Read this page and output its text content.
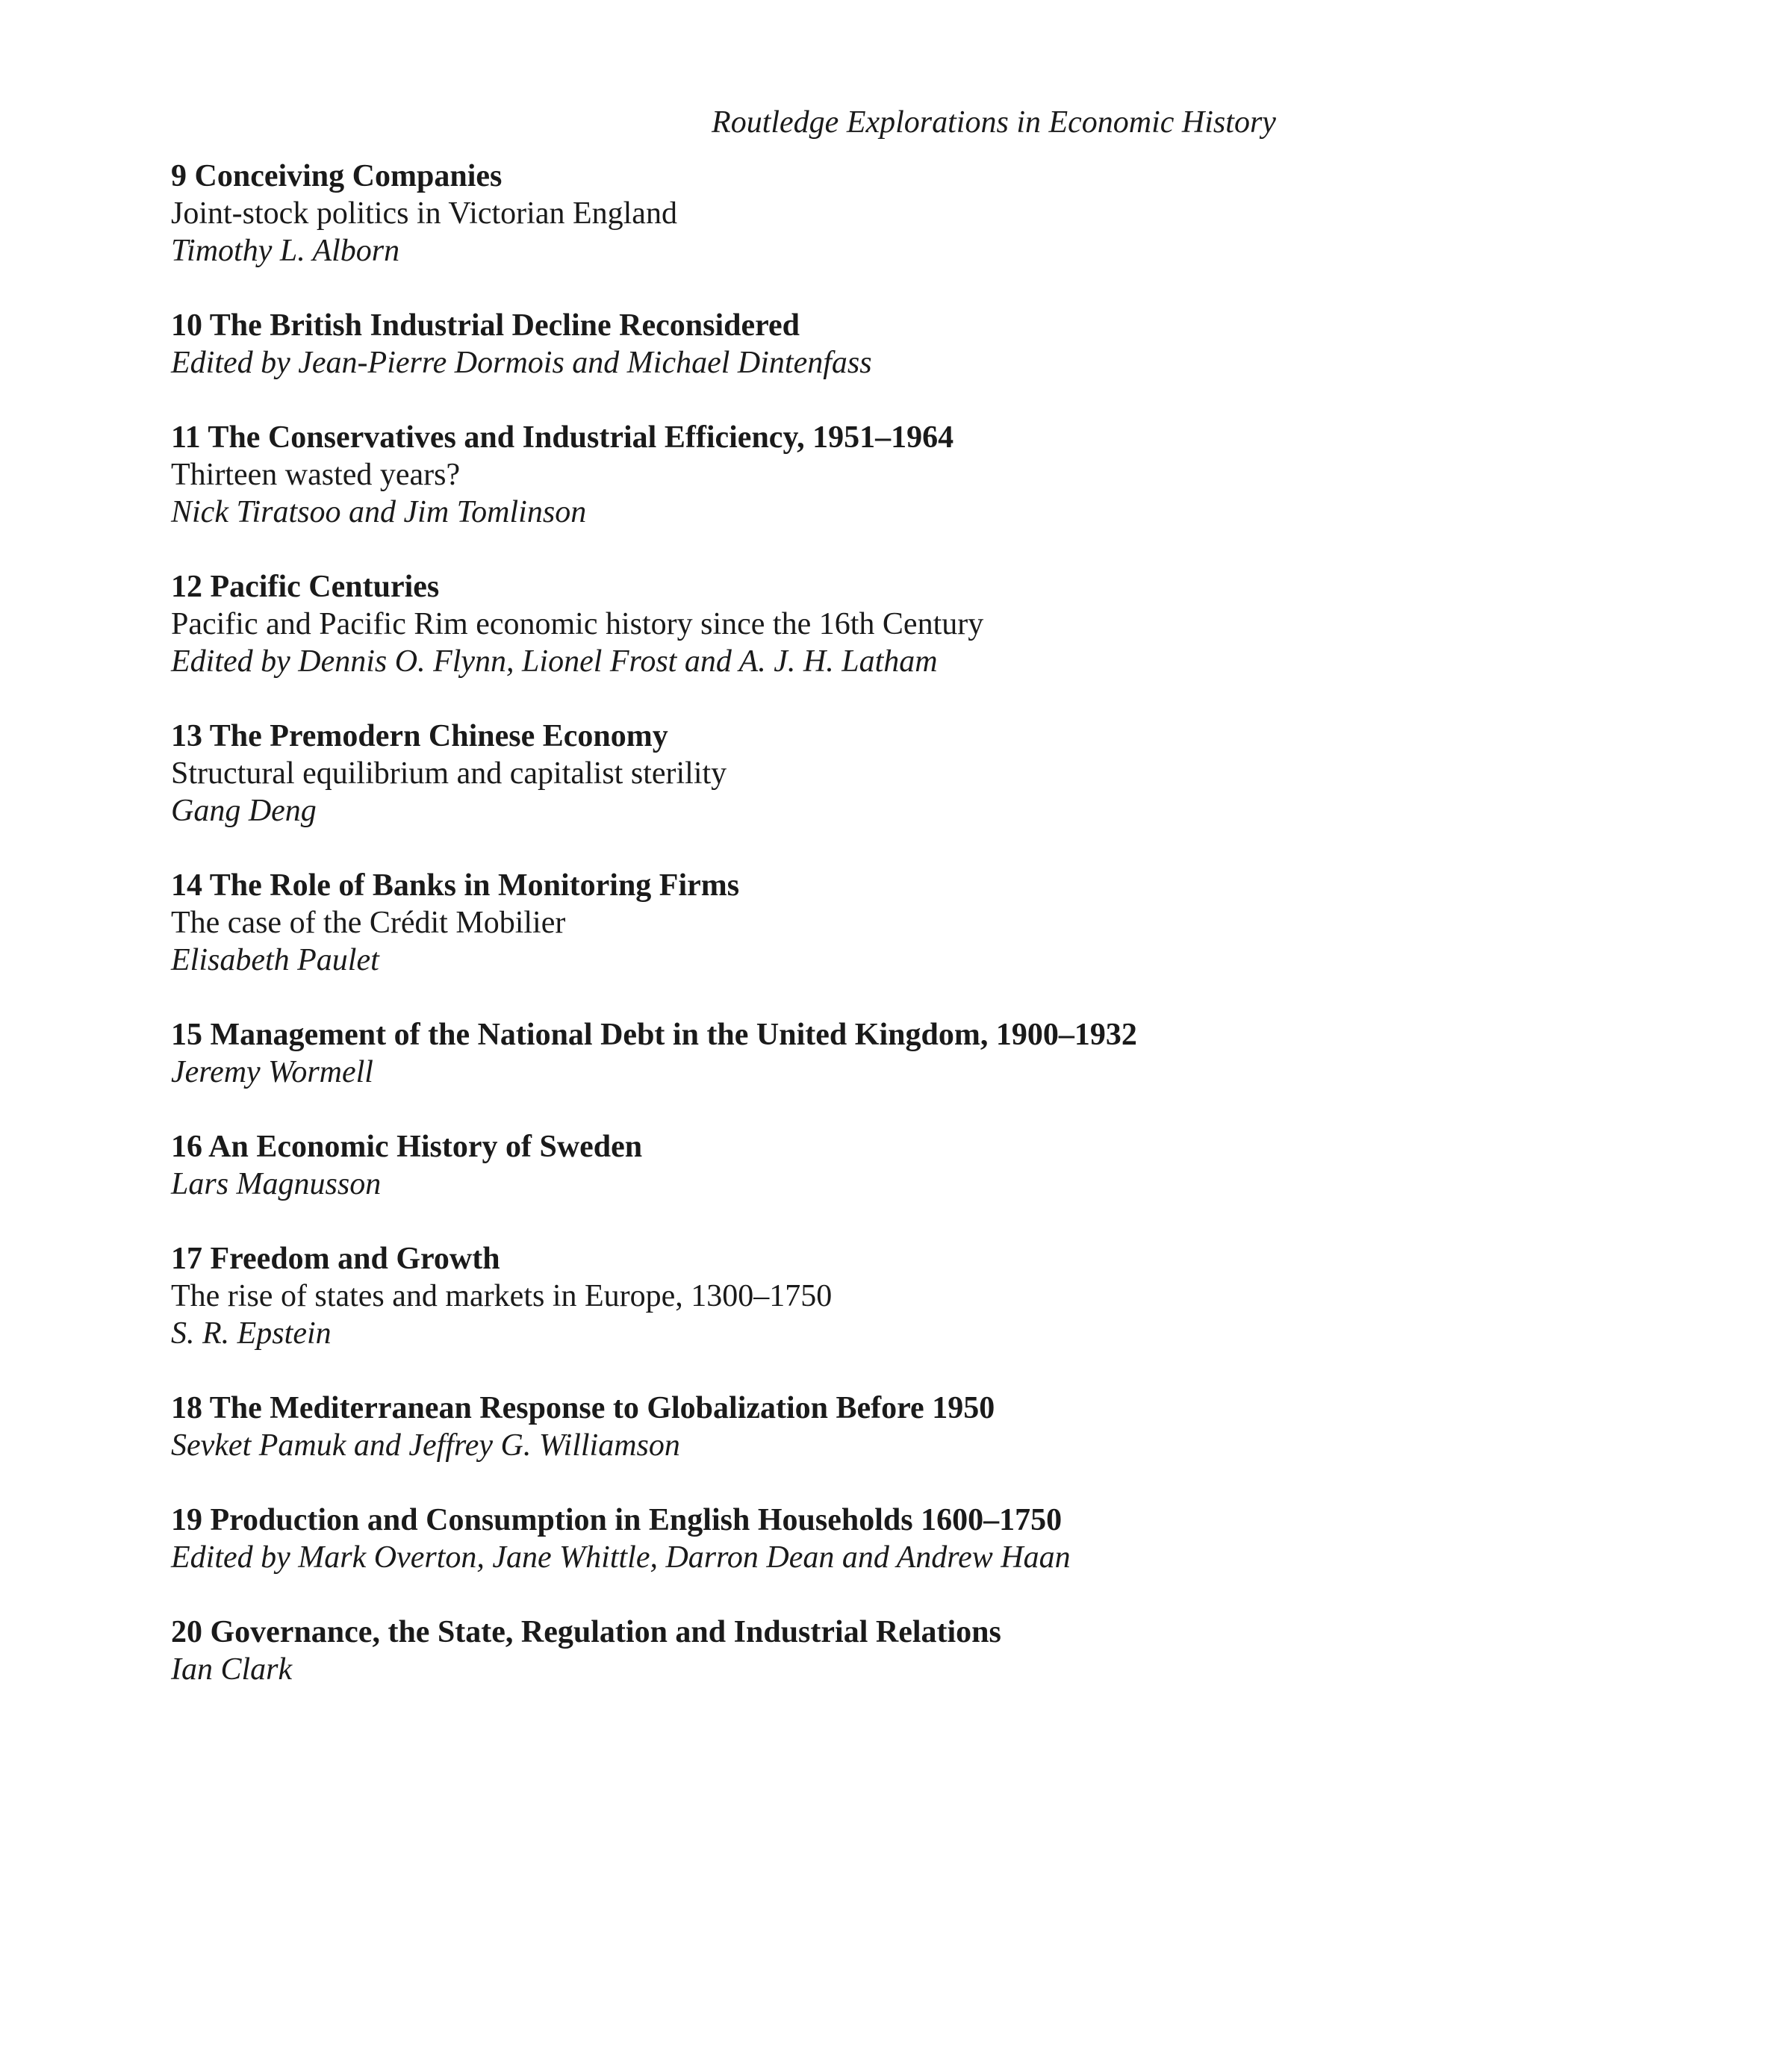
Routledge Explorations in Economic History
9 Conceiving Companies
Joint-stock politics in Victorian England
Timothy L. Alborn
10 The British Industrial Decline Reconsidered
Edited by Jean-Pierre Dormois and Michael Dintenfass
11 The Conservatives and Industrial Efficiency, 1951–1964
Thirteen wasted years?
Nick Tiratsoo and Jim Tomlinson
12 Pacific Centuries
Pacific and Pacific Rim economic history since the 16th Century
Edited by Dennis O. Flynn, Lionel Frost and A. J. H. Latham
13 The Premodern Chinese Economy
Structural equilibrium and capitalist sterility
Gang Deng
14 The Role of Banks in Monitoring Firms
The case of the Crédit Mobilier
Elisabeth Paulet
15 Management of the National Debt in the United Kingdom, 1900–1932
Jeremy Wormell
16 An Economic History of Sweden
Lars Magnusson
17 Freedom and Growth
The rise of states and markets in Europe, 1300–1750
S. R. Epstein
18 The Mediterranean Response to Globalization Before 1950
Sevket Pamuk and Jeffrey G. Williamson
19 Production and Consumption in English Households 1600–1750
Edited by Mark Overton, Jane Whittle, Darron Dean and Andrew Haan
20 Governance, the State, Regulation and Industrial Relations
Ian Clark
